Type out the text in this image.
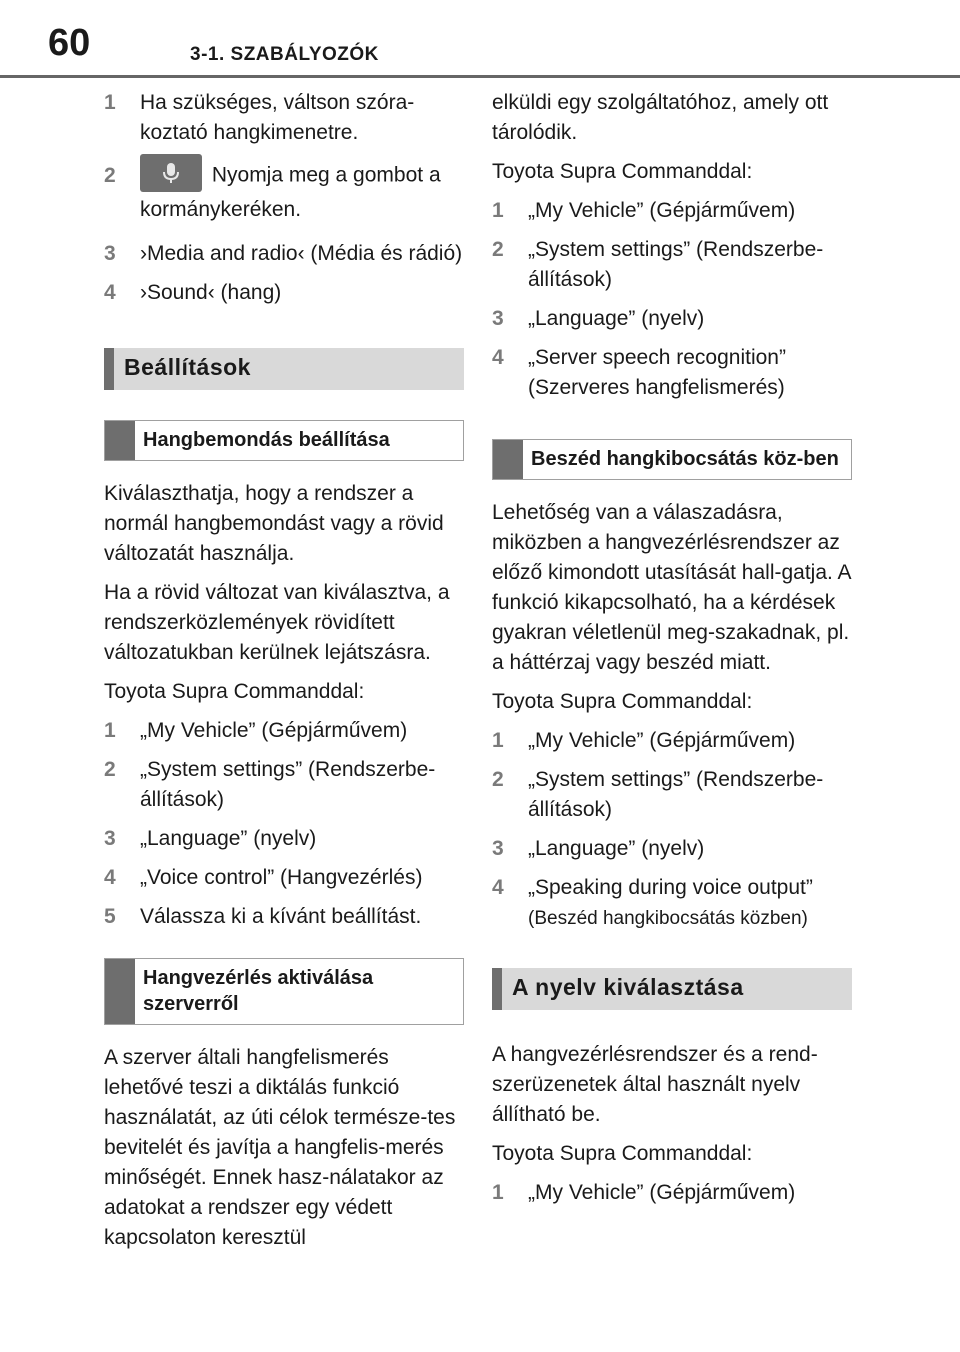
60	3-1. SZABÁLYOZÓK
1	Ha szükséges, váltson szóra-koztató hangkimenetre.
2	Nyomja meg a gombot a kormánykeréken.
3	›Media and radio‹ (Média és rádió)
4	›Sound‹ (hang)
Beállítások
Hangbemondás beállítása

Kiválaszthatja, hogy a rendszer a normál hangbemondást vagy a rövid változatát használja.

Ha a rövid változat van kiválasztva, a rendszerközlemények rövidített változatukban kerülnek lejátszásra.

Toyota Supra Commanddal:

1	„My Vehicle” (Gépjárművem)
2	„System settings” (Rendszerbe-állítások)
3	„Language” (nyelv)
4	„Voice control” (Hangvezérlés)
5	Válassza ki a kívánt beállítást.
Hangvezérlés aktiválása szerverről

A szerver általi hangfelismerés lehetővé teszi a diktálás funkció használatát, az úti célok természe-tes bevitelét és javítja a hangfelis-merés minőségét. Ennek hasz-nálatakor az adatokat a rendszer egy védett kapcsolaton keresztül

elküldi egy szolgáltatóhoz, amely ott tárolódik.

Toyota Supra Commanddal:

1	„My Vehicle” (Gépjárművem)
2	„System settings” (Rendszerbe-állítások)
3	„Language” (nyelv)
4	„Server speech recognition” (Szerveres hangfelismerés)
Beszéd hangkibocsátás köz-ben

Lehetőség van a válaszadásra, miközben a hangvezérlésrendszer az előző kimondott utasítását hall-gatja. A funkció kikapcsolható, ha a kérdések gyakran véletlenül meg-szakadnak, pl. a háttérzaj vagy beszéd miatt.

Toyota Supra Commanddal:

1	„My Vehicle” (Gépjárművem)
2	„System settings” (Rendszerbe-állítások)
3	„Language” (nyelv)
4	„Speaking during voice output”
(Beszéd hangkibocsátás közben)
A nyelv kiválasztása

A hangvezérlésrendszer és a rend-szerüzenetek által használt nyelv állítható be.

Toyota Supra Commanddal:

1	„My Vehicle” (Gépjárművem)
